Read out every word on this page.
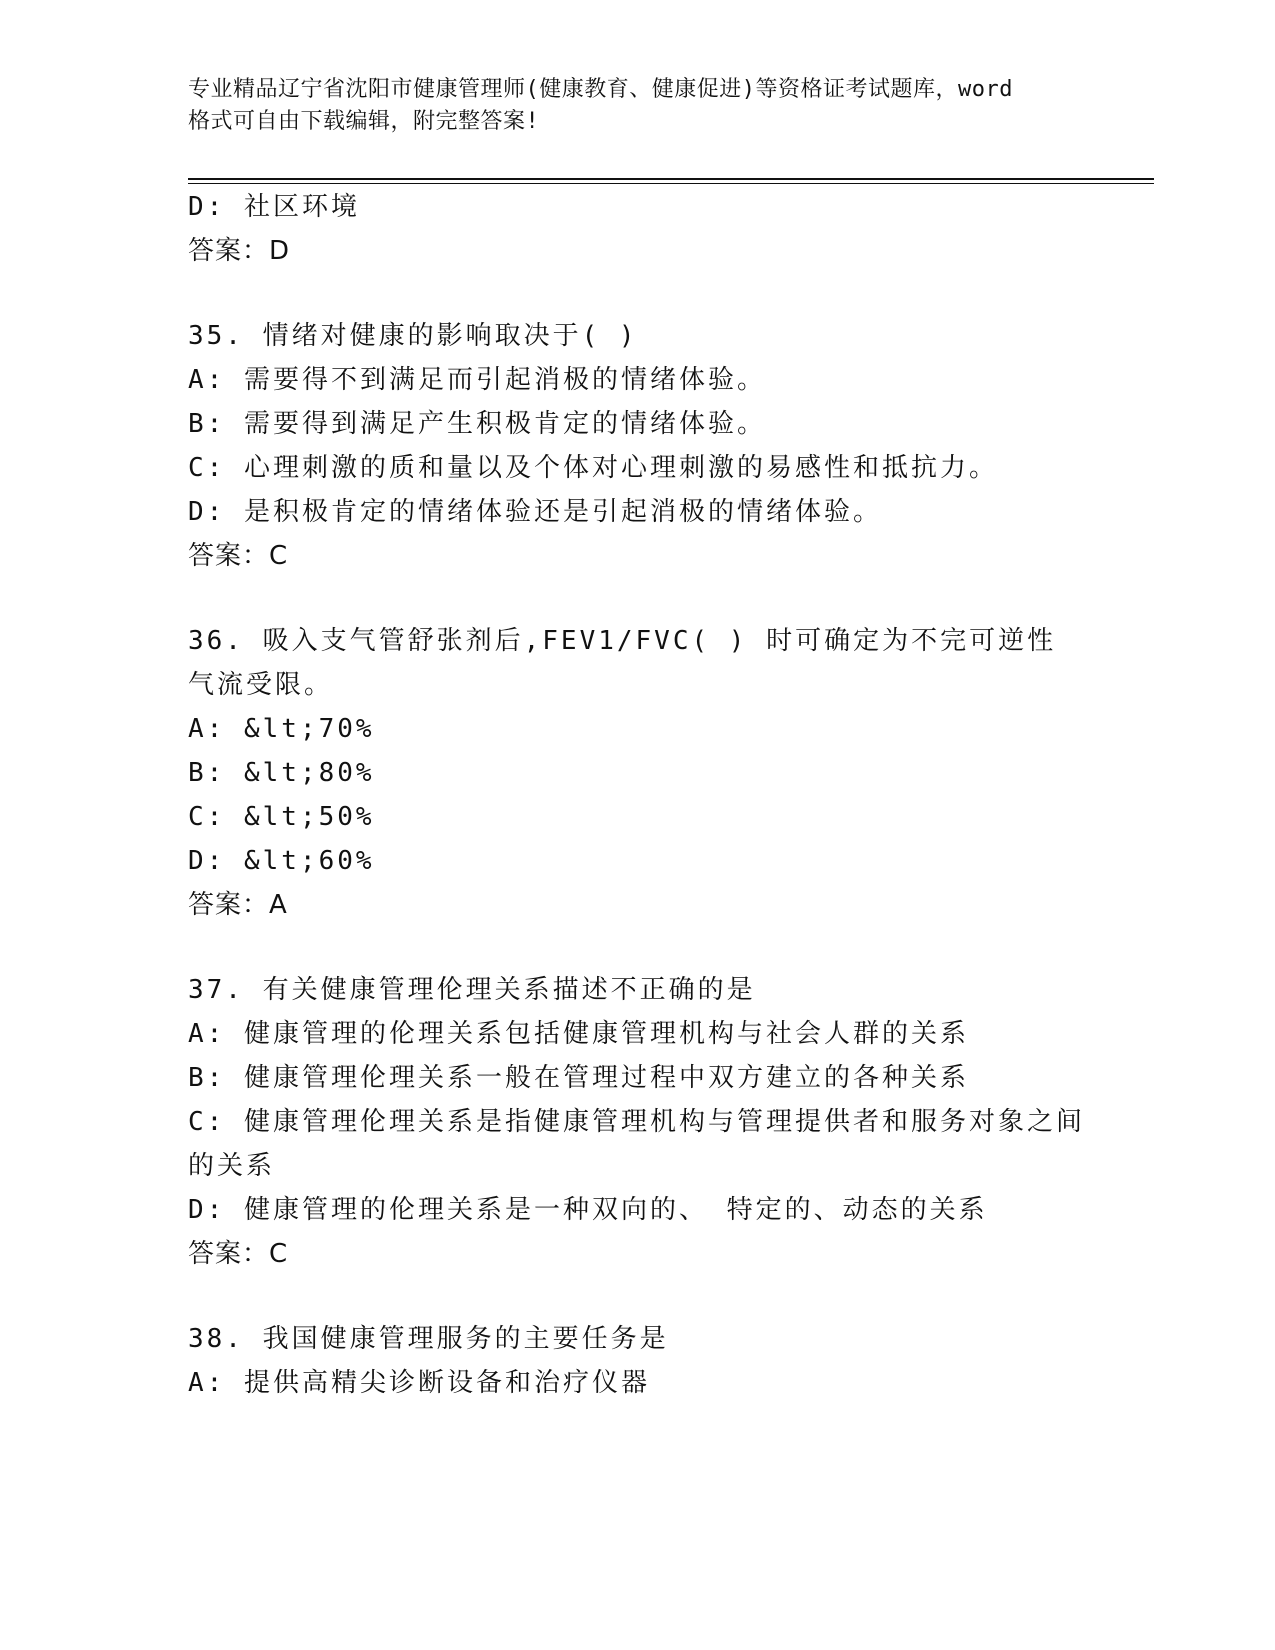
专业精品辽宁省沈阳市健康管理师(健康教育、健康促进)等资格证考试题库，word
格式可自由下载编辑，附完整答案!
D: 社区环境
答案：D
35. 情绪对健康的影响取决于( )
A: 需要得不到满足而引起消极的情绪体验。
B: 需要得到满足产生积极肯定的情绪体验。
C: 心理刺激的质和量以及个体对心理刺激的易感性和抵抗力。
D: 是积极肯定的情绪体验还是引起消极的情绪体验。
答案：C
36. 吸入支气管舒张剂后,FEV1/FVC( ) 时可确定为不完可逆性
气流受限。
A: &lt;70%
B: &lt;80%
C: &lt;50%
D: &lt;60%
答案：A
37. 有关健康管理伦理关系描述不正确的是
A: 健康管理的伦理关系包括健康管理机构与社会人群的关系
B: 健康管理伦理关系一般在管理过程中双方建立的各种关系
C: 健康管理伦理关系是指健康管理机构与管理提供者和服务对象之间
的关系
D: 健康管理的伦理关系是一种双向的、 特定的、动态的关系
答案：C
38. 我国健康管理服务的主要任务是
A: 提供高精尖诊断设备和治疗仪器
